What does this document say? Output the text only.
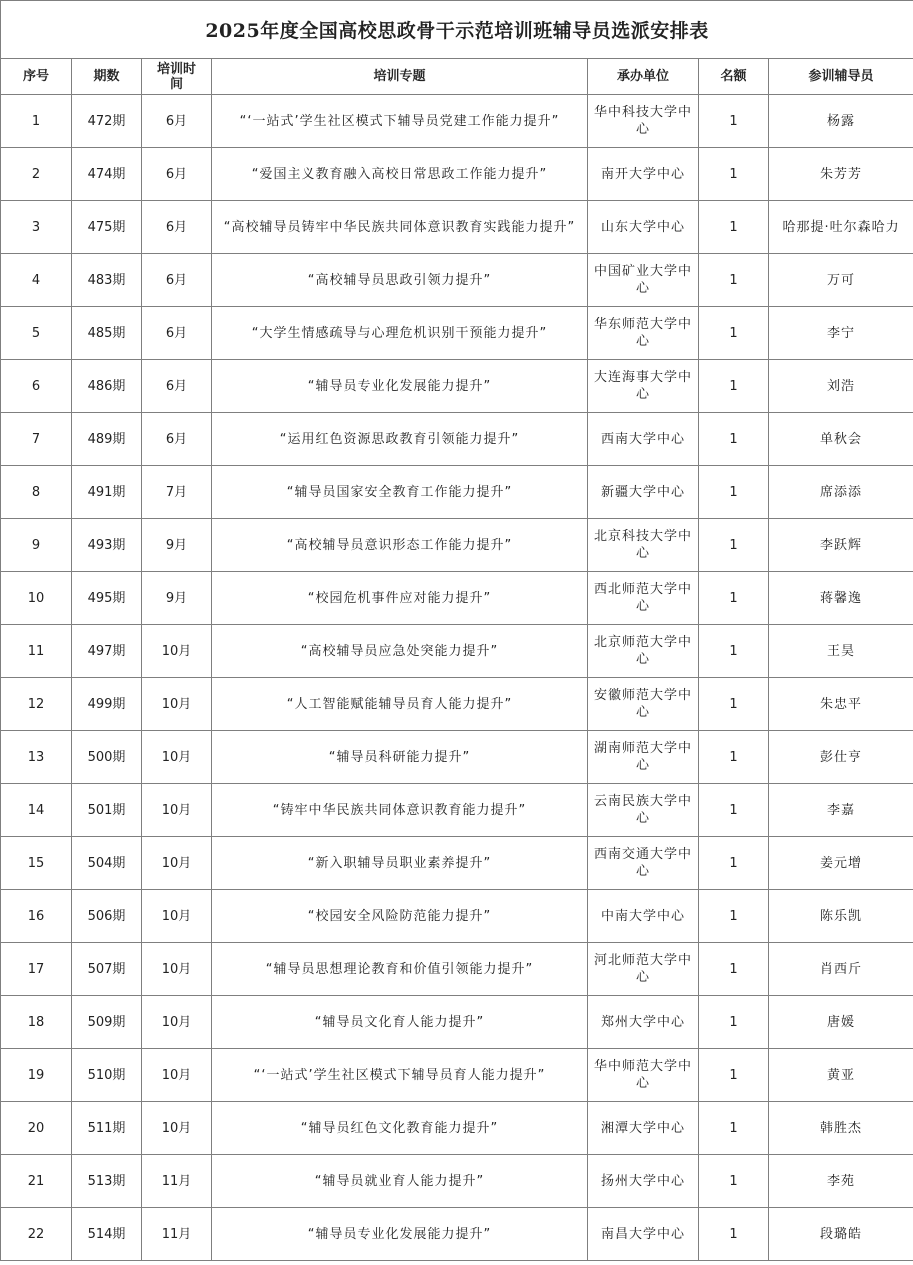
2025年度全国高校思政骨干示范培训班辅导员选派安排表						
序号	期数	培训时间	培训专题	承办单位	名额	参训辅导员
1	472期	6月	“‘一站式’学生社区模式下辅导员党建工作能力提升”	华中科技大学中心	1	杨露
2	474期	6月	“爱国主义教育融入高校日常思政工作能力提升”	南开大学中心	1	朱芳芳
3	475期	6月	“高校辅导员铸牢中华民族共同体意识教育实践能力提升”	山东大学中心	1	哈那提·吐尔森哈力
4	483期	6月	“高校辅导员思政引领力提升”	中国矿业大学中心	1	万可
5	485期	6月	“大学生情感疏导与心理危机识别干预能力提升”	华东师范大学中心	1	李宁
6	486期	6月	“辅导员专业化发展能力提升”	大连海事大学中心	1	刘浩
7	489期	6月	“运用红色资源思政教育引领能力提升”	西南大学中心	1	单秋会
8	491期	7月	“辅导员国家安全教育工作能力提升”	新疆大学中心	1	席添添
9	493期	9月	“高校辅导员意识形态工作能力提升”	北京科技大学中心	1	李跃辉
10	495期	9月	“校园危机事件应对能力提升”	西北师范大学中心	1	蒋馨逸
11	497期	10月	“高校辅导员应急处突能力提升”	北京师范大学中心	1	王昊
12	499期	10月	“人工智能赋能辅导员育人能力提升”	安徽师范大学中心	1	朱忠平
13	500期	10月	“辅导员科研能力提升”	湖南师范大学中心	1	彭仕亨
14	501期	10月	“铸牢中华民族共同体意识教育能力提升”	云南民族大学中心	1	李嘉
15	504期	10月	“新入职辅导员职业素养提升”	西南交通大学中心	1	姜元增
16	506期	10月	“校园安全风险防范能力提升”	中南大学中心	1	陈乐凯
17	507期	10月	“辅导员思想理论教育和价值引领能力提升”	河北师范大学中心	1	肖西斤
18	509期	10月	“辅导员文化育人能力提升”	郑州大学中心	1	唐媛
19	510期	10月	“‘一站式’学生社区模式下辅导员育人能力提升”	华中师范大学中心	1	黄亚
20	511期	10月	“辅导员红色文化教育能力提升”	湘潭大学中心	1	韩胜杰
21	513期	11月	“辅导员就业育人能力提升”	扬州大学中心	1	李苑
22	514期	11月	“辅导员专业化发展能力提升”	南昌大学中心	1	段璐皓
